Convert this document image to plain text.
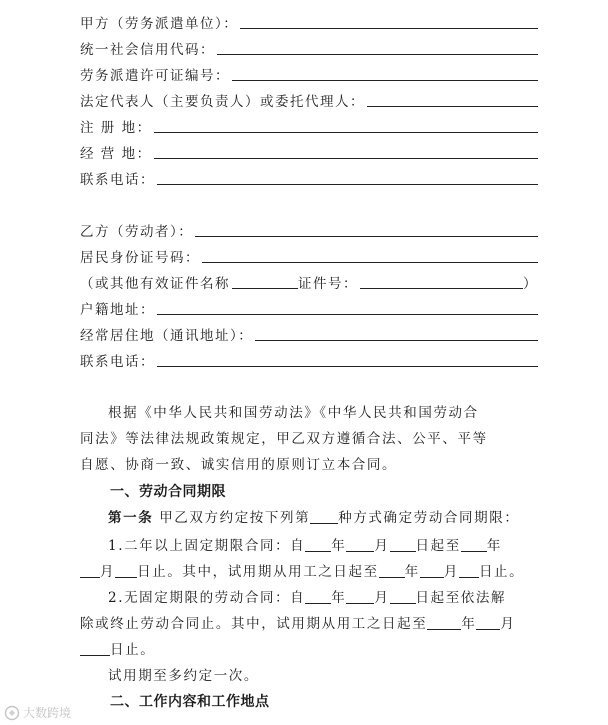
甲方（劳务派遣单位）：
统一社会信用代码：
劳务派遣许可证编号：
法定代表人（主要负责人）或委托代理人：
注 册 地：
经 营 地：
联系电话：
乙方（劳动者）：
居民身份证号码：
（或其他有效证件名称	证件号：	）
户籍地址：
经常居住地（通讯地址）：
联系电话：
根据《中华人民共和国劳动法》《中华人民共和国劳动合
同法》等法律法规政策规定，甲乙双方遵循合法、公平、平等
自愿、协商一致、诚实信用的原则订立本合同。
一、劳动合同期限
第一条 甲乙双方约定按下列第 种方式确定劳动合同期限：
1.二年以上固定期限合同：自 年 月 日起至 年
月 日止。其中，试用期从用工之日起至 年 月 日止。
2.无固定期限的劳动合同：自 年 月 日起至依法解
除或终止劳动合同止。其中，试用期从用工之日起至	年 月
日止。
试用期至多约定一次。
二、工作内容和工作地点
大数跨境
